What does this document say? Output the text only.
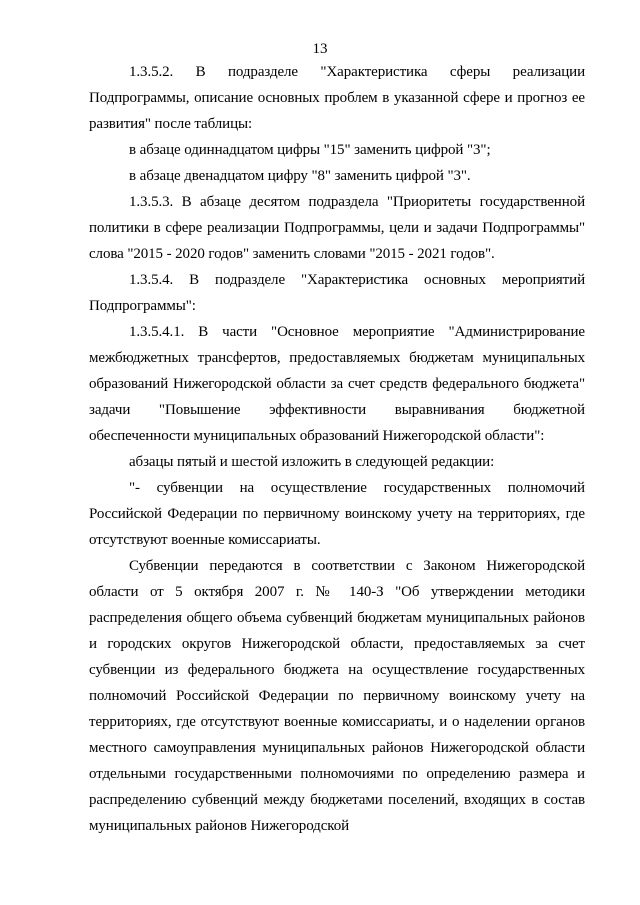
13

1.3.5.2. В подразделе "Характеристика сферы реализации Подпрограммы, описание основных проблем в указанной сфере и прогноз ее развития" после таблицы:

в абзаце одиннадцатом цифры "15" заменить цифрой "3";

в абзаце двенадцатом цифру "8" заменить цифрой "3".

1.3.5.3. В абзаце десятом подраздела "Приоритеты государственной политики в сфере реализации Подпрограммы, цели и задачи Подпрограммы" слова "2015 - 2020 годов" заменить словами "2015 - 2021 годов".

1.3.5.4. В подразделе "Характеристика основных мероприятий Подпрограммы":

1.3.5.4.1. В части "Основное мероприятие "Администрирование межбюджетных трансфертов, предоставляемых бюджетам муниципальных образований Нижегородской области за счет средств федерального бюджета" задачи "Повышение эффективности выравнивания бюджетной обеспеченности муниципальных образований Нижегородской области":

абзацы пятый и шестой изложить в следующей редакции:

"- субвенции на осуществление государственных полномочий Российской Федерации по первичному воинскому учету на территориях, где отсутствуют военные комиссариаты.

Субвенции передаются в соответствии с Законом Нижегородской области от 5 октября 2007 г. № 140-З "Об утверждении методики распределения общего объема субвенций бюджетам муниципальных районов и городских округов Нижегородской области, предоставляемых за счет субвенции из федерального бюджета на осуществление государственных полномочий Российской Федерации по первичному воинскому учету на территориях, где отсутствуют военные комиссариаты, и о наделении органов местного самоуправления муниципальных районов Нижегородской области отдельными государственными полномочиями по определению размера и распределению субвенций между бюджетами поселений, входящих в состав муниципальных районов Нижегородской
